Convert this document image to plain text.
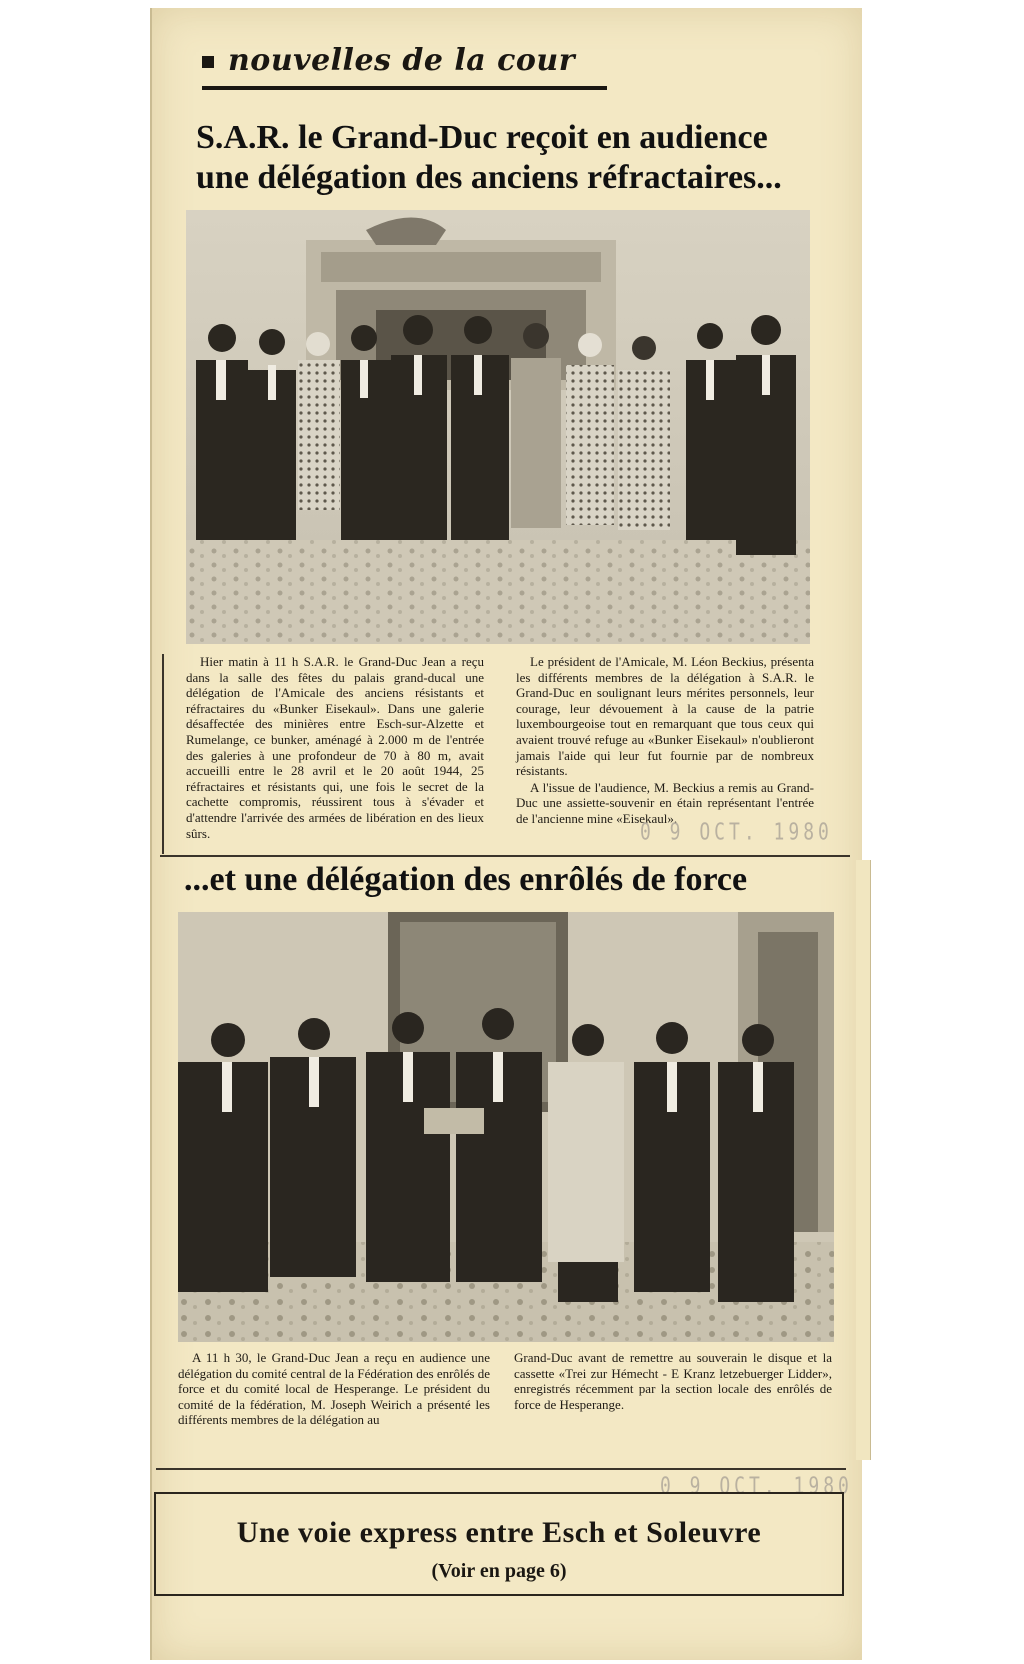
nouvelles de la cour
S.A.R. le Grand-Duc reçoit en audience
une délégation des anciens réfractaires...

Hier matin à 11 h S.A.R. le Grand-Duc Jean a reçu dans la salle des fêtes du palais grand-ducal une délégation de l'Amicale des anciens résistants et réfractaires du «Bunker Eisekaul». Dans une galerie désaffectée des minières entre Esch-sur-Alzette et Rumelange, ce bunker, aménagé à 2.000 m de l'entrée des galeries à une profondeur de 70 à 80 m, avait accueilli entre le 28 avril et le 20 août 1944, 25 réfractaires et résistants qui, une fois le secret de la cachette compromis, réussirent tous à s'évader et d'attendre l'arrivée des armées de libération en des lieux sûrs.

Le président de l'Amicale, M. Léon Beckius, présenta les différents membres de la délégation à S.A.R. le Grand-Duc en soulignant leurs mérites personnels, leur courage, leur dévouement à la cause de la patrie luxembourgeoise tout en remarquant que tous ceux qui avaient trouvé refuge au «Bunker Eisekaul» n'oublieront jamais l'aide qui leur fut fournie par de nombreux résistants.

A l'issue de l'audience, M. Beckius a remis au Grand-Duc une assiette-souvenir en étain représentant l'entrée de l'ancienne mine «Eisekaul».

0 9 OCT. 1980
...et une délégation des enrôlés de force

A 11 h 30, le Grand-Duc Jean a reçu en audience une délégation du comité central de la Fédération des enrôlés de force et du comité local de Hesperange. Le président du comité de la fédération, M. Joseph Weirich a présenté les différents membres de la délégation au

Grand-Duc avant de remettre au souverain le disque et la cassette «Trei zur Hémecht - E Kranz letzebuerger Lidder», enregistrés récemment par la section locale des enrôlés de force de Hesperange.

0 9 OCT. 1980
Une voie express entre Esch et Soleuvre
(Voir en page 6)
